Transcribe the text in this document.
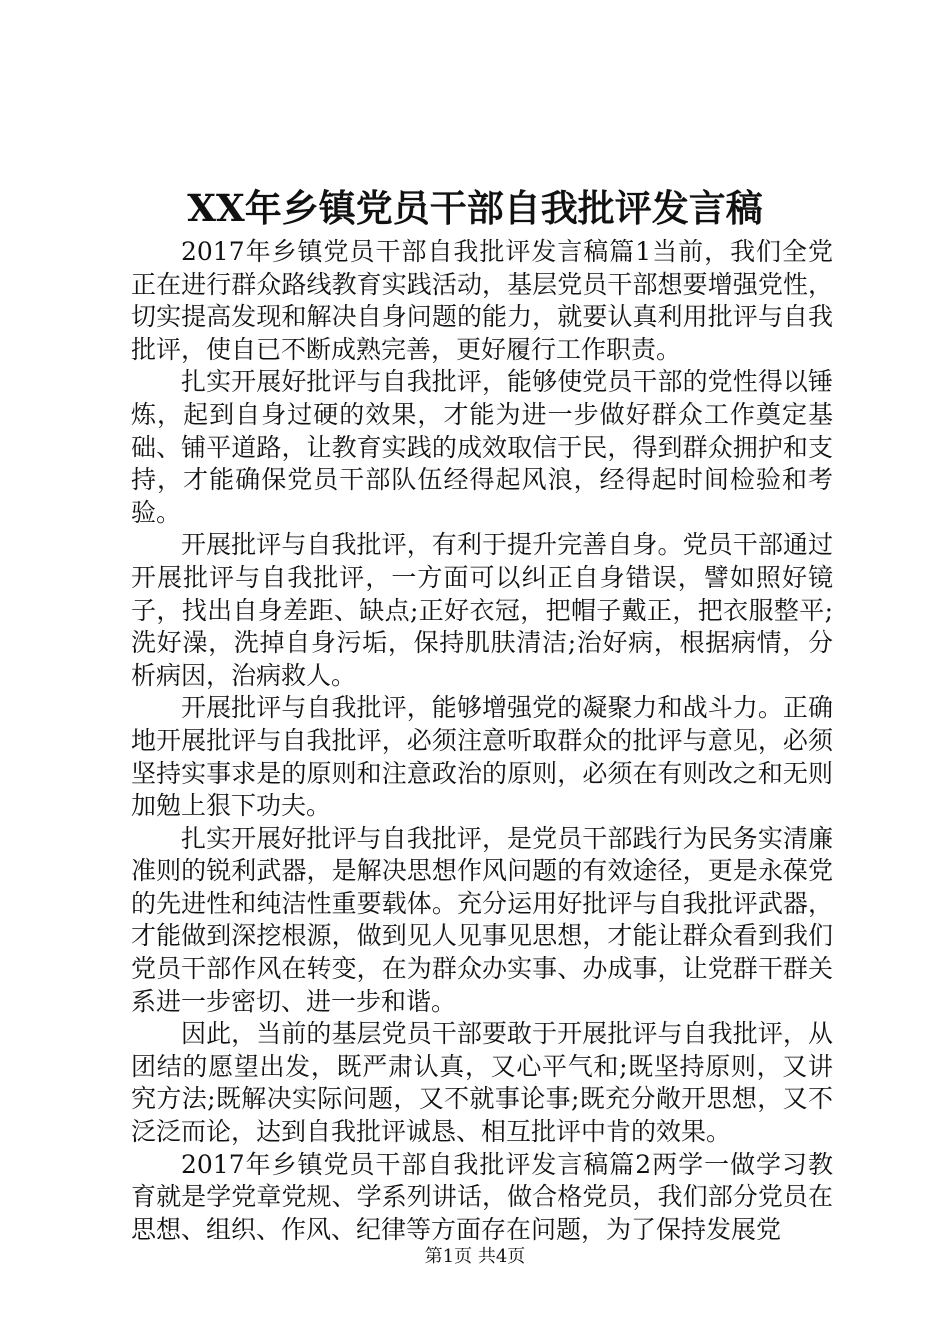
XX年乡镇党员干部自我批评发言稿

2017年乡镇党员干部自我批评发言稿篇1当前，我们全党正在进行群众路线教育实践活动，基层党员干部想要增强党性，切实提高发现和解决自身问题的能力，就要认真利用批评与自我批评，使自已不断成熟完善，更好履行工作职责。

扎实开展好批评与自我批评，能够使党员干部的党性得以锤炼，起到自身过硬的效果，才能为进一步做好群众工作奠定基础、铺平道路，让教育实践的成效取信于民，得到群众拥护和支持，才能确保党员干部队伍经得起风浪，经得起时间检验和考验。

开展批评与自我批评，有利于提升完善自身。党员干部通过开展批评与自我批评，一方面可以纠正自身错误，譬如照好镜子，找出自身差距、缺点;正好衣冠，把帽子戴正，把衣服整平;洗好澡，洗掉自身污垢，保持肌肤清洁;治好病，根据病情，分析病因，治病救人。

开展批评与自我批评，能够增强党的凝聚力和战斗力。正确地开展批评与自我批评，必须注意听取群众的批评与意见，必须坚持实事求是的原则和注意政治的原则，必须在有则改之和无则加勉上狠下功夫。

扎实开展好批评与自我批评，是党员干部践行为民务实清廉准则的锐利武器，是解决思想作风问题的有效途径，更是永葆党的先进性和纯洁性重要载体。充分运用好批评与自我批评武器，才能做到深挖根源，做到见人见事见思想，才能让群众看到我们党员干部作风在转变，在为群众办实事、办成事，让党群干群关系进一步密切、进一步和谐。

因此，当前的基层党员干部要敢于开展批评与自我批评，从团结的愿望出发，既严肃认真，又心平气和;既坚持原则，又讲究方法;既解决实际问题，又不就事论事;既充分敞开思想，又不泛泛而论，达到自我批评诚恳、相互批评中肯的效果。

2017年乡镇党员干部自我批评发言稿篇2两学一做学习教育就是学党章党规、学系列讲话，做合格党员，我们部分党员在思想、组织、作风、纪律等方面存在问题，为了保持发展党

第1页 共4页
